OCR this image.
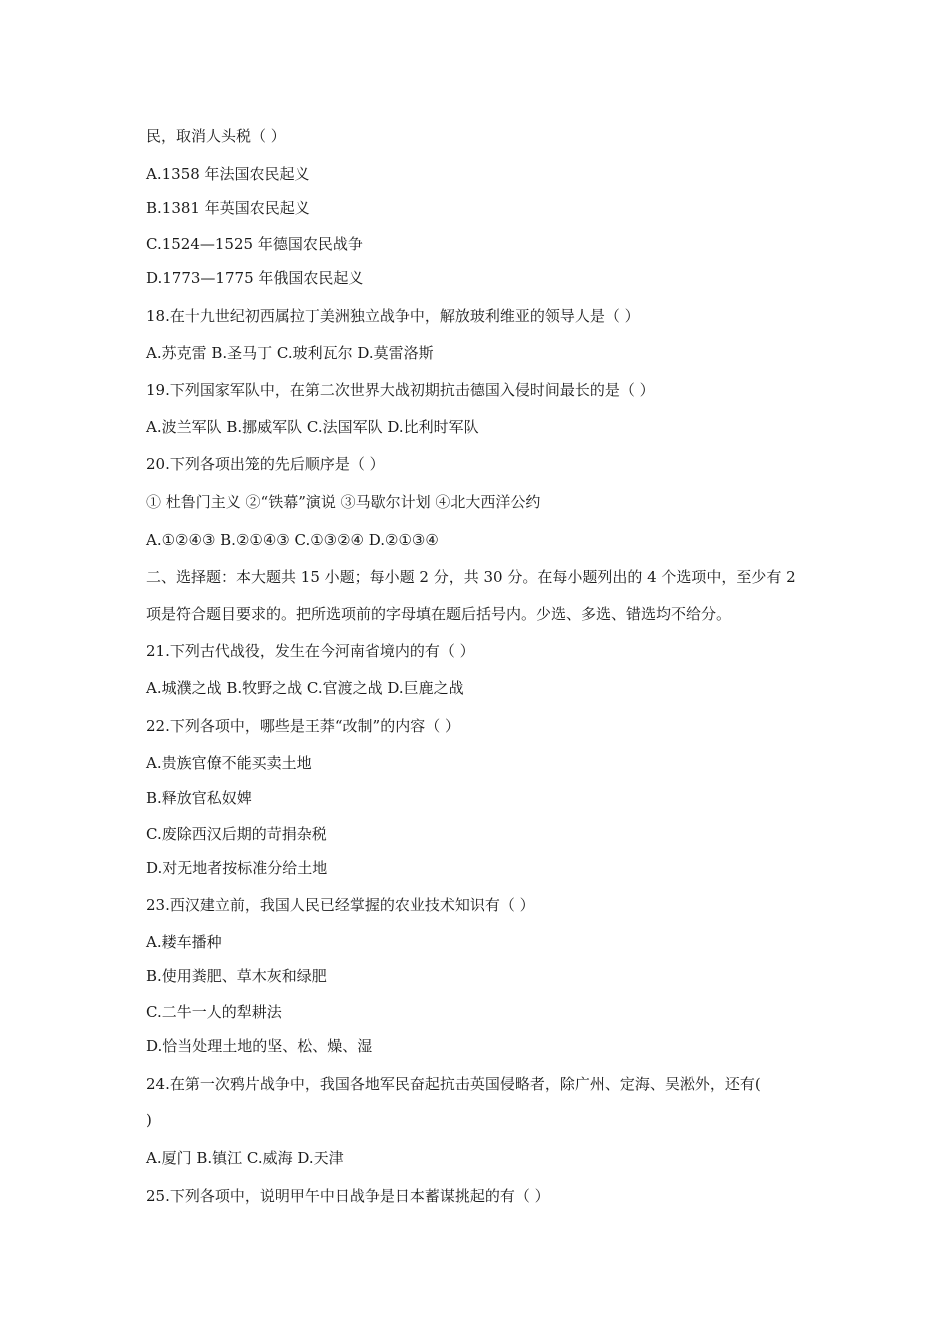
民，取消人头税（ ）
A.1358 年法国农民起义
B.1381 年英国农民起义
C.1524—1525 年德国农民战争
D.1773—1775 年俄国农民起义
18.在十九世纪初西属拉丁美洲独立战争中，解放玻利维亚的领导人是（ ）
A.苏克雷 B.圣马丁 C.玻利瓦尔 D.莫雷洛斯
19.下列国家军队中，在第二次世界大战初期抗击德国入侵时间最长的是（ ）
A.波兰军队 B.挪威军队 C.法国军队 D.比利时军队
20.下列各项出笼的先后顺序是（ ）
① 杜鲁门主义 ②“铁幕”演说 ③马歇尔计划 ④北大西洋公约
A.①②④③ B.②①④③ C.①③②④ D.②①③④
二、选择题：本大题共 15 小题；每小题 2 分，共 30 分。在每小题列出的 4 个选项中，至少有 2
项是符合题目要求的。把所选项前的字母填在题后括号内。少选、多选、错选均不给分。
21.下列古代战役，发生在今河南省境内的有（ ）
A.城濮之战 B.牧野之战 C.官渡之战 D.巨鹿之战
22.下列各项中，哪些是王莽“改制”的内容（ ）
A.贵族官僚不能买卖土地
B.释放官私奴婢
C.废除西汉后期的苛捐杂税
D.对无地者按标准分给土地
23.西汉建立前，我国人民已经掌握的农业技术知识有（ ）
A.耧车播种
B.使用粪肥、草木灰和绿肥
C.二牛一人的犁耕法
D.恰当处理土地的坚、松、燥、湿
24.在第一次鸦片战争中，我国各地军民奋起抗击英国侵略者，除广州、定海、吴淞外，还有(
)
A.厦门 B.镇江 C.威海 D.天津
25.下列各项中，说明甲午中日战争是日本蓄谋挑起的有（ ）
